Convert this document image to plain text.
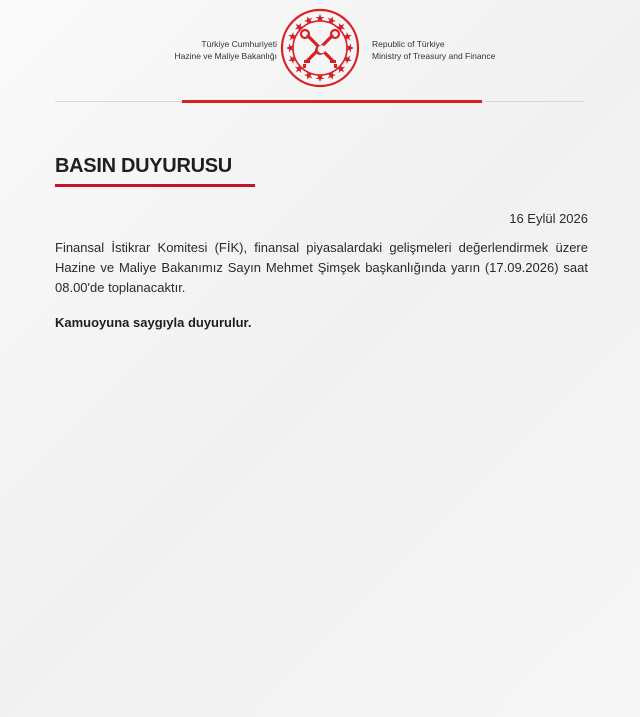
Türkiye Cumhuriyeti
Hazine ve Maliye Bakanlığı
Republic of Türkiye
Ministry of Treasury and Finance
BASIN DUYURUSU
16 Eylül 2026
Finansal İstikrar Komitesi (FİK), finansal piyasalardaki gelişmeleri değerlendirmek üzere Hazine ve Maliye Bakanımız Sayın Mehmet Şimşek başkanlığında yarın (17.09.2026) saat 08.00'de toplanacaktır.
Kamuoyuna saygıyla duyurulur.
